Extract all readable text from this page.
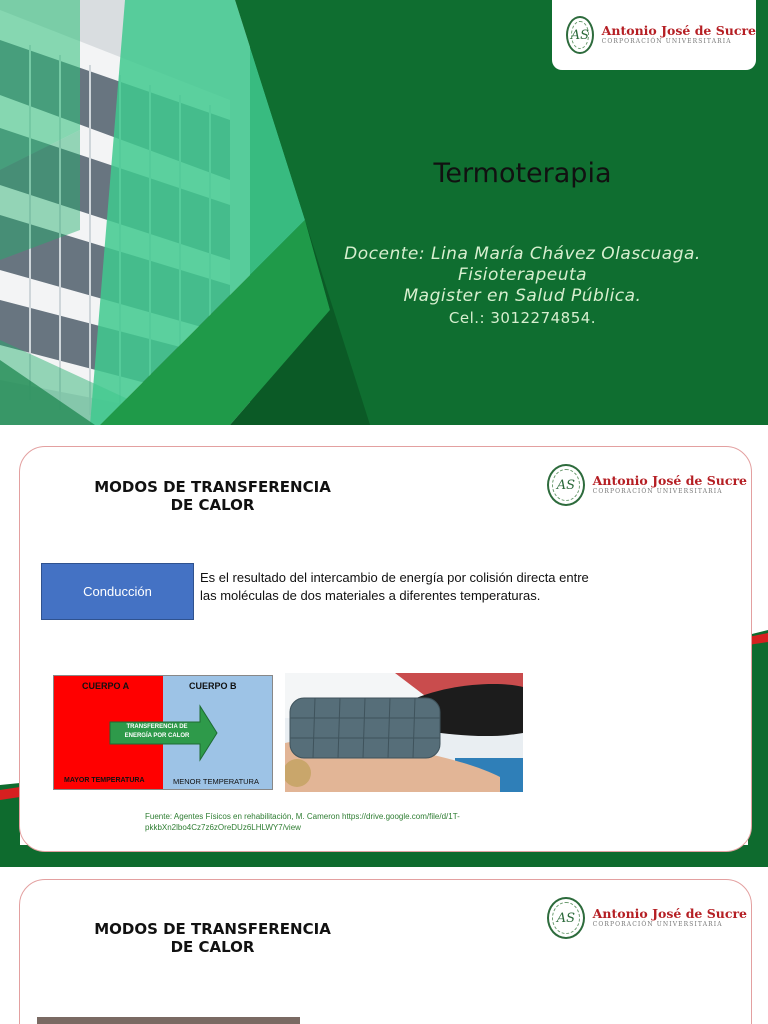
AS Antonio José de Sucre
CORPORACIÓN UNIVERSITARIA
Termoterapia
Docente: Lina María Chávez Olascuaga.
Fisioterapeuta
Magister en Salud Pública.
Cel.: 3012274854.
AS Antonio José de Sucre
CORPORACIÓN UNIVERSITARIA
MODOS DE TRANSFERENCIA
DE CALOR
Conducción
Es el resultado del intercambio de energía por colisión directa entre
las moléculas de dos materiales a diferentes temperaturas.
CUERPO A	CUERPO B
TRANSFERENCIA DE
ENERGÍA POR CALOR
MAYOR TEMPERATURA	MENOR TEMPERATURA
Fuente: Agentes Físicos en rehabilitación, M. Cameron https://drive.google.com/file/d/1T-
pkkbXn2lbo4Cz7z6zOreDUz6LHLWY7/view
AS Antonio José de Sucre
CORPORACIÓN UNIVERSITARIA
MODOS DE TRANSFERENCIA
DE CALOR
